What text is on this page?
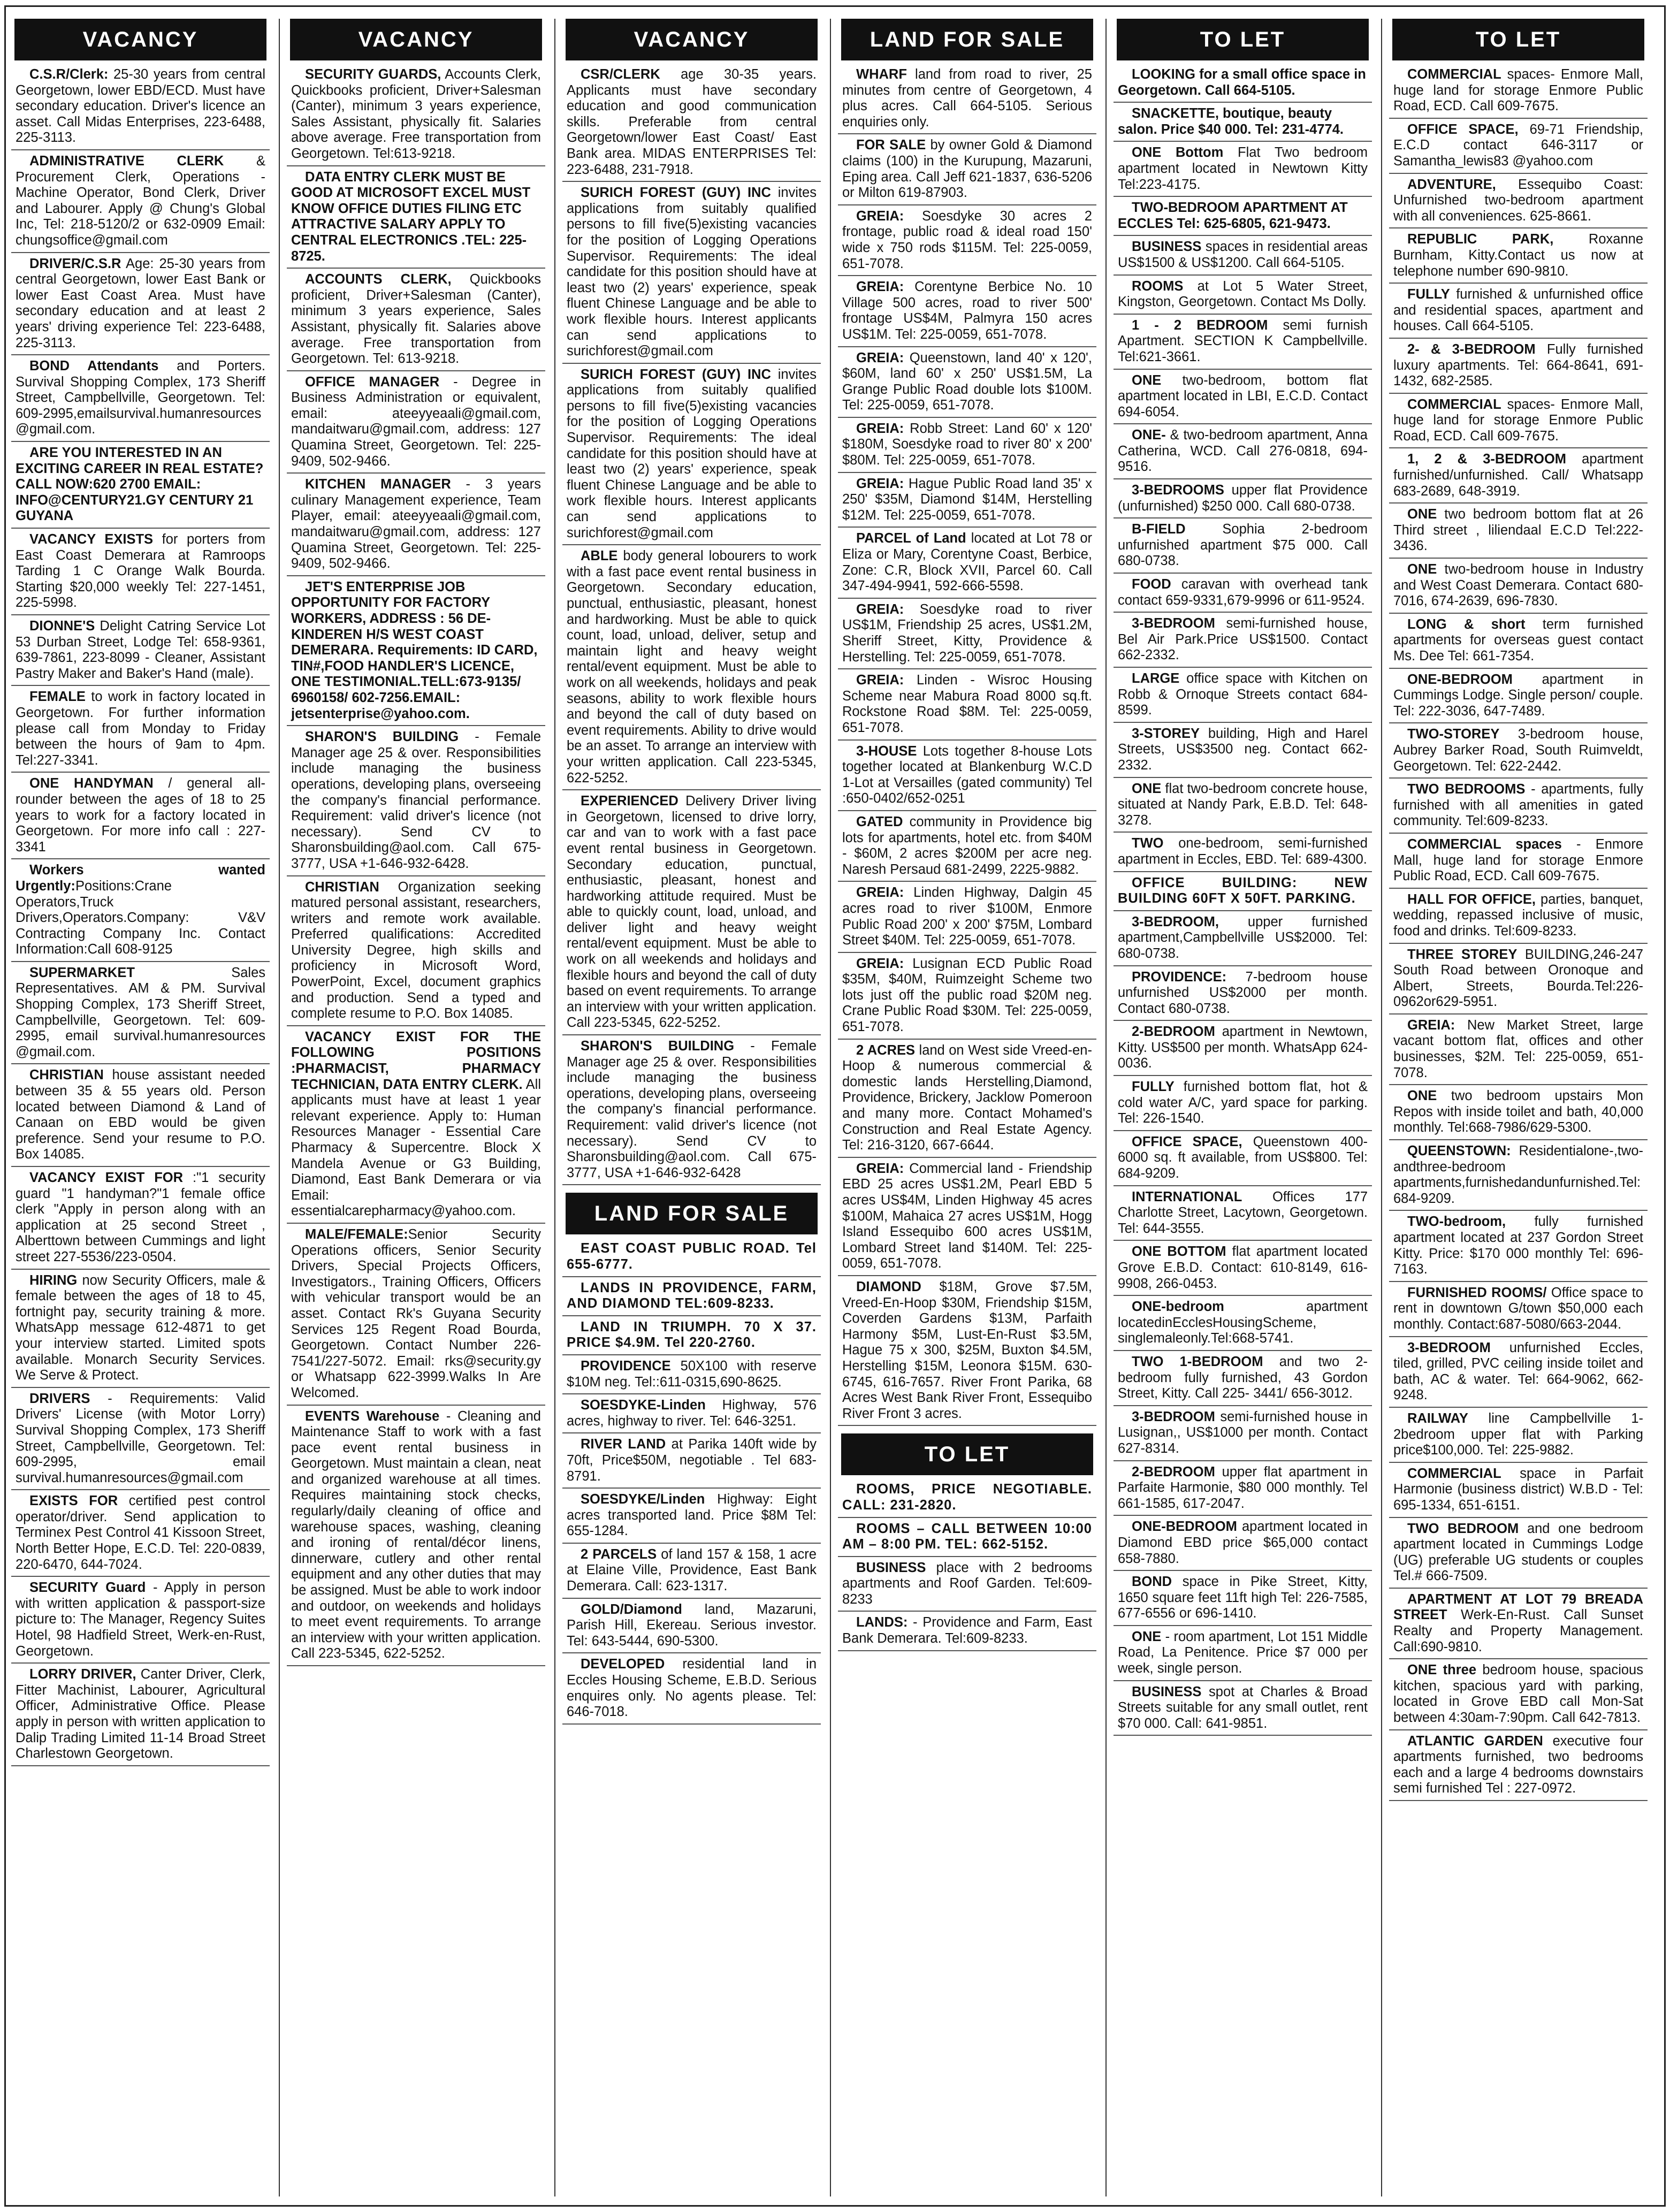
VACANCY
C.S.R/Clerk: 25-30 years from central Georgetown, lower EBD/ECD. Must have secondary education. Driver's licence an asset. Call Midas Enterprises, 223-6488, 225-3113.
ADMINISTRATIVE CLERK & Procurement Clerk, Operations - Machine Operator, Bond Clerk, Driver and Labourer. Apply @ Chung's Global Inc, Tel: 218-5120/2 or 632-0909 Email: chungsoffice@gmail.com
DRIVER/C.S.R Age: 25-30 years from central Georgetown, lower East Bank or lower East Coast Area. Must have secondary education and at least 2 years' driving experience Tel: 223-6488, 225-3113.
BOND Attendants and Porters. Survival Shopping Complex, 173 Sheriff Street, Campbellville, Georgetown. Tel: 609-2995,emailsurvival.humanresources @gmail.com.
ARE YOU INTERESTED IN AN EXCITING CAREER IN REAL ESTATE?CALL NOW:620 2700 EMAIL: INFO@CENTURY21.GY CENTURY 21 GUYANA
VACANCY EXISTS for porters from East Coast Demerara at Ramroops Tarding 1 C Orange Walk Bourda. Starting $20,000 weekly Tel: 227-1451, 225-5998.
DIONNE'S Delight Catring Service Lot 53 Durban Street, Lodge Tel: 658-9361, 639-7861, 223-8099 - Cleaner, Assistant Pastry Maker and Baker's Hand (male).
FEMALE to work in factory located in Georgetown. For further information please call from Monday to Friday between the hours of 9am to 4pm. Tel:227-3341.
ONE HANDYMAN / general all-rounder between the ages of 18 to 25 years to work for a factory located in Georgetown. For more info call : 227- 3341
Workers wanted Urgently:Positions:Crane Operators,Truck Drivers,Operators.Company: V&V Contracting Company Inc. Contact Information:Call 608-9125
SUPERMARKET Sales Representatives. AM & PM. Survival Shopping Complex, 173 Sheriff Street, Campbellville, Georgetown. Tel: 609-2995, email survival.humanresources @gmail.com.
CHRISTIAN house assistant needed between 35 & 55 years old. Person located between Diamond & Land of Canaan on EBD would be given preference. Send your resume to P.O. Box 14085.
VACANCY EXIST FOR :"1 security guard "1 handyman?"1 female office clerk "Apply in person along with an application at 25 second Street , Alberttown between Cummings and light street 227-5536/223-0504.
HIRING now Security Officers, male & female between the ages of 18 to 45, fortnight pay, security training & more. WhatsApp message 612-4871 to get your interview started. Limited spots available. Monarch Security Services. We Serve & Protect.
DRIVERS - Requirements: Valid Drivers' License (with Motor Lorry) Survival Shopping Complex, 173 Sheriff Street, Campbellville, Georgetown. Tel: 609-2995, email survival.humanresources@gmail.com
EXISTS FOR certified pest control operator/driver. Send application to Terminex Pest Control 41 Kissoon Street, North Better Hope, E.C.D. Tel: 220-0839, 220-6470, 644-7024.
SECURITY Guard - Apply in person with written application & passport-size picture to: The Manager, Regency Suites Hotel, 98 Hadfield Street, Werk-en-Rust, Georgetown.
LORRY DRIVER, Canter Driver, Clerk, Fitter Machinist, Labourer, Agricultural Officer, Administrative Office. Please apply in person with written application to Dalip Trading Limited 11-14 Broad Street Charlestown Georgetown.
VACANCY
SECURITY GUARDS, Accounts Clerk, Quickbooks proficient, Driver+Salesman (Canter), minimum 3 years experience, Sales Assistant, physically fit. Salaries above average. Free transportation from Georgetown. Tel:613-9218.
DATA ENTRY CLERK MUST BE GOOD AT MICROSOFT EXCEL MUST KNOW OFFICE DUTIES FILING ETC ATTRACTIVE SALARY APPLY TO CENTRAL ELECTRONICS .TEL: 225-8725.
ACCOUNTS CLERK, Quickbooks proficient, Driver+Salesman (Canter), minimum 3 years experience, Sales Assistant, physically fit. Salaries above average. Free transportation from Georgetown. Tel: 613-9218.
OFFICE MANAGER - Degree in Business Administration or equivalent, email: ateeyyeaali@gmail.com, mandaitwaru@gmail.com, address: 127 Quamina Street, Georgetown. Tel: 225-9409, 502-9466.
KITCHEN MANAGER - 3 years culinary Management experience, Team Player, email: ateeyyeaali@gmail.com, mandaitwaru@gmail.com, address: 127 Quamina Street, Georgetown. Tel: 225-9409, 502-9466.
JET'S ENTERPRISE JOB OPPORTUNITY FOR FACTORY WORKERS, ADDRESS : 56 DE-KINDEREN H/S WEST COAST DEMERARA. Requirements: ID CARD, TIN#,FOOD HANDLER'S LICENCE, ONE TESTIMONIAL.TELL:673-9135/ 6960158/ 602-7256.EMAIL: jetsenterprise@yahoo.com.
SHARON'S BUILDING - Female Manager age 25 & over. Responsibilities include managing the business operations, developing plans, overseeing the company's financial performance. Requirement: valid driver's licence (not necessary). Send CV to Sharonsbuilding@aol.com. Call 675-3777, USA +1-646-932-6428.
CHRISTIAN Organization seeking matured personal assistant, researchers, writers and remote work available. Preferred qualifications: Accredited University Degree, high skills and proficiency in Microsoft Word, PowerPoint, Excel, document graphics and production. Send a typed and complete resume to P.O. Box 14085.
VACANCY EXIST FOR THE FOLLOWING POSITIONS :PHARMACIST, PHARMACY TECHNICIAN, DATA ENTRY CLERK. All applicants must have at least 1 year relevant experience. Apply to: Human Resources Manager - Essential Care Pharmacy & Supercentre. Block X Mandela Avenue or G3 Building, Diamond, East Bank Demerara or via Email: essentialcarepharmacy@yahoo.com.
MALE/FEMALE:Senior Security Operations officers, Senior Security Drivers, Special Projects Officers, Investigators., Training Officers, Officers with vehicular transport would be an asset. Contact Rk's Guyana Security Services 125 Regent Road Bourda, Georgetown. Contact Number 226-7541/227-5072. Email: rks@security.gy or Whatsapp 622-3999.Walks In Are Welcomed.
EVENTS Warehouse - Cleaning and Maintenance Staff to work with a fast pace event rental business in Georgetown. Must maintain a clean, neat and organized warehouse at all times. Requires maintaining stock checks, regularly/daily cleaning of office and warehouse spaces, washing, cleaning and ironing of rental/décor linens, dinnerware, cutlery and other rental equipment and any other duties that may be assigned. Must be able to work indoor and outdoor, on weekends and holidays to meet event requirements. To arrange an interview with your written application. Call 223-5345, 622-5252.
VACANCY
CSR/CLERK age 30-35 years. Applicants must have secondary education and good communication skills. Preferable from central Georgetown/lower East Coast/ East Bank area. MIDAS ENTERPRISES Tel: 223-6488, 231-7918.
SURICH FOREST (GUY) INC invites applications from suitably qualified persons to fill five(5)existing vacancies for the position of Logging Operations Supervisor. Requirements: The ideal candidate for this position should have at least two (2) years' experience, speak fluent Chinese Language and be able to work flexible hours. Interest applicants can send applications to surichforest@gmail.com
SURICH FOREST (GUY) INC invites applications from suitably qualified persons to fill five(5)existing vacancies for the position of Logging Operations Supervisor. Requirements: The ideal candidate for this position should have at least two (2) years' experience, speak fluent Chinese Language and be able to work flexible hours. Interest applicants can send applications to surichforest@gmail.com
ABLE body general lobourers to work with a fast pace event rental business in Georgetown. Secondary education, punctual, enthusiastic, pleasant, honest and hardworking. Must be able to quick count, load, unload, deliver, setup and maintain light and heavy weight rental/event equipment. Must be able to work on all weekends, holidays and peak seasons, ability to work flexible hours and beyond the call of duty based on event requirements. Ability to drive would be an asset. To arrange an interview with your written application. Call 223-5345, 622-5252.
EXPERIENCED Delivery Driver living in Georgetown, licensed to drive lorry, car and van to work with a fast pace event rental business in Georgetown. Secondary education, punctual, enthusiastic, pleasant, honest and hardworking attitude required. Must be able to quickly count, load, unload, and deliver light and heavy weight rental/event equipment. Must be able to work on all weekends and holidays and flexible hours and beyond the call of duty based on event requirements. To arrange an interview with your written application. Call 223-5345, 622-5252.
SHARON'S BUILDING - Female Manager age 25 & over. Responsibilities include managing the business operations, developing plans, overseeing the company's financial performance. Requirement: valid driver's licence (not necessary). Send CV to Sharonsbuilding@aol.com. Call 675-3777, USA +1-646-932-6428
LAND FOR SALE
EAST COAST PUBLIC ROAD. Tel 655-6777.
LANDS IN PROVIDENCE, FARM, AND DIAMOND TEL:609-8233.
LAND IN TRIUMPH. 70 X 37. PRICE $4.9M. Tel 220-2760.
PROVIDENCE 50X100 with reserve $10M neg. Tel::611-0315,690-8625.
SOESDYKE-Linden Highway, 576 acres, highway to river. Tel: 646-3251.
RIVER LAND at Parika 140ft wide by 70ft, Price$50M, negotiable . Tel 683-8791.
SOESDYKE/Linden Highway: Eight acres transported land. Price $8M Tel: 655-1284.
2 PARCELS of land 157 & 158, 1 acre at Elaine Ville, Providence, East Bank Demerara. Call: 623-1317.
GOLD/Diamond land, Mazaruni, Parish Hill, Ekereau. Serious investor. Tel: 643-5444, 690-5300.
DEVELOPED residential land in Eccles Housing Scheme, E.B.D. Serious enquires only. No agents please. Tel: 646-7018.
LAND FOR SALE
WHARF land from road to river, 25 minutes from centre of Georgetown, 4 plus acres. Call 664-5105. Serious enquiries only.
FOR SALE by owner Gold & Diamond claims (100) in the Kurupung, Mazaruni, Eping area. Call Jeff 621-1837, 636-5206 or Milton 619-87903.
GREIA: Soesdyke 30 acres 2 frontage, public road & ideal road 150' wide x 750 rods $115M. Tel: 225-0059, 651-7078.
GREIA: Corentyne Berbice No. 10 Village 500 acres, road to river 500' frontage US$4M, Palmyra 150 acres US$1M. Tel: 225-0059, 651-7078.
GREIA: Queenstown, land 40' x 120', $60M, land 60' x 250' US$1.5M, La Grange Public Road double lots $100M. Tel: 225-0059, 651-7078.
GREIA: Robb Street: Land 60' x 120' $180M, Soesdyke road to river 80' x 200' $80M. Tel: 225-0059, 651-7078.
GREIA: Hague Public Road land 35' x 250' $35M, Diamond $14M, Herstelling $12M. Tel: 225-0059, 651-7078.
PARCEL of Land located at Lot 78 or Eliza or Mary, Corentyne Coast, Berbice, Zone: C.R, Block XVII, Parcel 60. Call 347-494-9941, 592-666-5598.
GREIA: Soesdyke road to river US$1M, Friendship 25 acres, US$1.2M, Sheriff Street, Kitty, Providence & Herstelling. Tel: 225-0059, 651-7078.
GREIA: Linden - Wisroc Housing Scheme near Mabura Road 8000 sq.ft. Rockstone Road $8M. Tel: 225-0059, 651-7078.
3-HOUSE Lots together 8-house Lots together located at Blankenburg W.C.D 1-Lot at Versailles (gated community) Tel :650-0402/652-0251
GATED community in Providence big lots for apartments, hotel etc. from $40M - $60M, 2 acres $200M per acre neg. Naresh Persaud 681-2499, 2225-9882.
GREIA: Linden Highway, Dalgin 45 acres road to river $100M, Enmore Public Road 200' x 200' $75M, Lombard Street $40M. Tel: 225-0059, 651-7078.
GREIA: Lusignan ECD Public Road $35M, $40M, Ruimzeight Scheme two lots just off the public road $20M neg. Crane Public Road $30M. Tel: 225-0059, 651-7078.
2 ACRES land on West side Vreed-en-Hoop & numerous commercial & domestic lands Herstelling,Diamond, Providence, Brickery, Jacklow Pomeroon and many more. Contact Mohamed's Construction and Real Estate Agency. Tel: 216-3120, 667-6644.
GREIA: Commercial land - Friendship EBD 25 acres US$1.2M, Pearl EBD 5 acres US$4M, Linden Highway 45 acres $100M, Mahaica 27 acres US$1M, Hogg Island Essequibo 600 acres US$1M, Lombard Street land $140M. Tel: 225-0059, 651-7078.
DIAMOND $18M, Grove $7.5M, Vreed-En-Hoop $30M, Friendship $15M, Coverden Gardens $13M, Parfaith Harmony $5M, Lust-En-Rust $3.5M, Hague 75 x 300, $25M, Buxton $4.5M, Herstelling $15M, Leonora $15M. 630-6745, 616-7657. River Front Parika, 68 Acres West Bank River Front, Essequibo River Front 3 acres.
TO LET
ROOMS, PRICE NEGOTIABLE. CALL: 231-2820.
ROOMS – CALL BETWEEN 10:00 AM – 8:00 PM. TEL: 662-5152.
BUSINESS place with 2 bedrooms apartments and Roof Garden. Tel:609-8233
LANDS: - Providence and Farm, East Bank Demerara. Tel:609-8233.
TO LET
LOOKING for a small office space in Georgetown. Call 664-5105.
SNACKETTE, boutique, beauty salon. Price $40 000. Tel: 231-4774.
ONE Bottom Flat Two bedroom apartment located in Newtown Kitty Tel:223-4175.
TWO-BEDROOM APARTMENT AT ECCLES Tel: 625-6805, 621-9473.
BUSINESS spaces in residential areas US$1500 & US$1200. Call 664-5105.
ROOMS at Lot 5 Water Street, Kingston, Georgetown. Contact Ms Dolly.
1 - 2 BEDROOM semi furnish Apartment. SECTION K Campbellville. Tel:621-3661.
ONE two-bedroom, bottom flat apartment located in LBI, E.C.D. Contact 694-6054.
ONE- & two-bedroom apartment, Anna Catherina, WCD. Call 276-0818, 694-9516.
3-BEDROOMS upper flat Providence (unfurnished) $250 000. Call 680-0738.
B-FIELD Sophia 2-bedroom unfurnished apartment $75 000. Call 680-0738.
FOOD caravan with overhead tank contact 659-9331,679-9996 or 611-9524.
3-BEDROOM semi-furnished house, Bel Air Park.Price US$1500. Contact 662-2332.
LARGE office space with Kitchen on Robb & Ornoque Streets contact 684-8599.
3-STOREY building, High and Harel Streets, US$3500 neg. Contact 662-2332.
ONE flat two-bedroom concrete house, situated at Nandy Park, E.B.D. Tel: 648-3278.
TWO one-bedroom, semi-furnished apartment in Eccles, EBD. Tel: 689-4300.
OFFICE BUILDING: NEW BUILDING 60FT X 50FT. PARKING.
3-BEDROOM, upper furnished apartment,Campbellville US$2000. Tel: 680-0738.
PROVIDENCE: 7-bedroom house unfurnished US$2000 per month. Contact 680-0738.
2-BEDROOM apartment in Newtown, Kitty. US$500 per month. WhatsApp 624-0036.
FULLY furnished bottom flat, hot & cold water A/C, yard space for parking. Tel: 226-1540.
OFFICE SPACE, Queenstown 400-6000 sq. ft available, from US$800. Tel: 684-9209.
INTERNATIONAL Offices 177 Charlotte Street, Lacytown, Georgetown. Tel: 644-3555.
ONE BOTTOM flat apartment located Grove E.B.D. Contact: 610-8149, 616-9908, 266-0453.
ONE-bedroom apartment locatedinEcclesHousingScheme, singlemaleonly.Tel:668-5741.
TWO 1-BEDROOM and two 2-bedroom fully furnished, 43 Gordon Street, Kitty. Call 225- 3441/ 656-3012.
3-BEDROOM semi-furnished house in Lusignan,, US$1000 per month. Contact 627-8314.
2-BEDROOM upper flat apartment in Parfaite Harmonie, $80 000 monthly. Tel 661-1585, 617-2047.
ONE-BEDROOM apartment located in Diamond EBD price $65,000 contact 658-7880.
BOND space in Pike Street, Kitty, 1650 square feet 11ft high Tel: 226-7585, 677-6556 or 696-1410.
ONE - room apartment, Lot 151 Middle Road, La Penitence. Price $7 000 per week, single person.
BUSINESS spot at Charles & Broad Streets suitable for any small outlet, rent $70 000. Call: 641-9851.
TO LET
COMMERCIAL spaces- Enmore Mall, huge land for storage Enmore Public Road, ECD. Call 609-7675.
OFFICE SPACE, 69-71 Friendship, E.C.D contact 646-3117 or Samantha_lewis83 @yahoo.com
ADVENTURE, Essequibo Coast: Unfurnished two-bedroom apartment with all conveniences. 625-8661.
REPUBLIC PARK, Roxanne Burnham, Kitty.Contact us now at telephone number 690-9810.
FULLY furnished & unfurnished office and residential spaces, apartment and houses. Call 664-5105.
2- & 3-BEDROOM Fully furnished luxury apartments. Tel: 664-8641, 691-1432, 682-2585.
COMMERCIAL spaces- Enmore Mall, huge land for storage Enmore Public Road, ECD. Call 609-7675.
1, 2 & 3-BEDROOM apartment furnished/unfurnished. Call/ Whatsapp 683-2689, 648-3919.
ONE two bedroom bottom flat at 26 Third street , liliendaal E.C.D Tel:222-3436.
ONE two-bedroom house in Industry and West Coast Demerara. Contact 680-7016, 674-2639, 696-7830.
LONG & short term furnished apartments for overseas guest contact Ms. Dee Tel: 661-7354.
ONE-BEDROOM apartment in Cummings Lodge. Single person/ couple. Tel: 222-3036, 647-7489.
TWO-STOREY 3-bedroom house, Aubrey Barker Road, South Ruimveldt, Georgetown. Tel: 622-2442.
TWO BEDROOMS - apartments, fully furnished with all amenities in gated community. Tel:609-8233.
COMMERCIAL spaces - Enmore Mall, huge land for storage Enmore Public Road, ECD. Call 609-7675.
HALL FOR OFFICE, parties, banquet, wedding, repassed inclusive of music, food and drinks. Tel:609-8233.
THREE STOREY BUILDING,246-247 South Road between Oronoque and Albert, Streets, Bourda.Tel:226-0962or629-5951.
GREIA: New Market Street, large vacant bottom flat, offices and other businesses, $2M. Tel: 225-0059, 651-7078.
ONE two bedroom upstairs Mon Repos with inside toilet and bath, 40,000 monthly. Tel:668-7986/629-5300.
QUEENSTOWN: Residentialone-,two-andthree-bedroom apartments,furnishedandunfurnished.Tel:684-9209.
TWO-bedroom, fully furnished apartment located at 237 Gordon Street Kitty. Price: $170 000 monthly Tel: 696-7163.
FURNISHED ROOMS/ Office space to rent in downtown G/town $50,000 each monthly. Contact:687-5080/663-2044.
3-BEDROOM unfurnished Eccles, tiled, grilled, PVC ceiling inside toilet and bath, AC & water. Tel: 664-9062, 662-9248.
RAILWAY line Campbellville 1-2bedroom upper flat with Parking price$100,000. Tel: 225-9882.
COMMERCIAL space in Parfait Harmonie (business district) W.B.D - Tel: 695-1334, 651-6151.
TWO BEDROOM and one bedroom apartment located in Cummings Lodge (UG) preferable UG students or couples Tel.# 666-7509.
APARTMENT AT LOT 79 BREADA STREET Werk-En-Rust. Call Sunset Realty and Property Management. Call:690-9810.
ONE three bedroom house, spacious kitchen, spacious yard with parking, located in Grove EBD call Mon-Sat between 4:30am-7:90pm. Call 642-7813.
ATLANTIC GARDEN executive four apartments furnished, two bedrooms each and a large 4 bedrooms downstairs semi furnished Tel : 227-0972.
